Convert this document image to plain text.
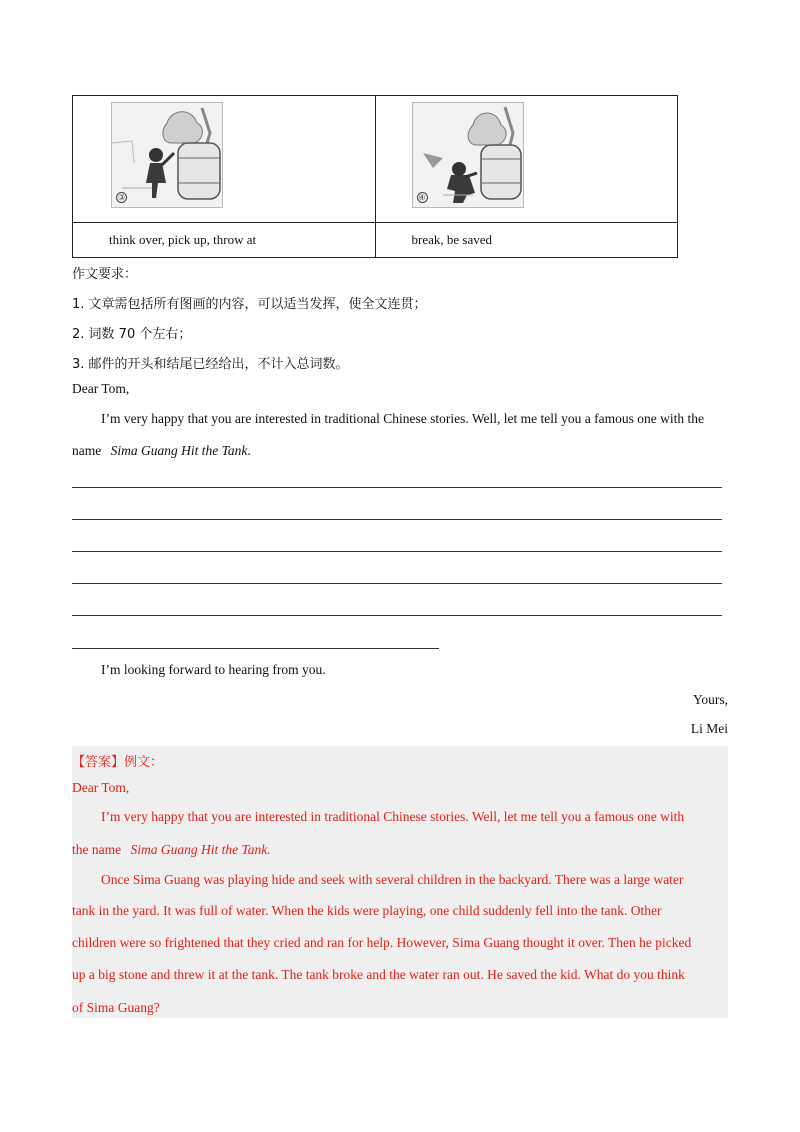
③	④

think over, pick up, throw at	break, be saved
作文要求：
1. 文章需包括所有图画的内容，可以适当发挥，使全文连贯；
2. 词数 70 个左右；
3. 邮件的开头和结尾已经给出，不计入总词数。
Dear Tom,
I’m very happy that you are interested in traditional Chinese stories. Well, let me tell you a famous one with the
name Sima Guang Hit the Tank.
I’m looking forward to hearing from you.
Yours,
Li Mei
【答案】例文：
Dear Tom,
I’m very happy that you are interested in traditional Chinese stories. Well, let me tell you a famous one with
the name Sima Guang Hit the Tank.
Once Sima Guang was playing hide and seek with several children in the backyard. There was a large water
tank in the yard. It was full of water. When the kids were playing, one child suddenly fell into the tank. Other
children were so frightened that they cried and ran for help. However, Sima Guang thought it over. Then he picked
up a big stone and threw it at the tank. The tank broke and the water ran out. He saved the kid. What do you think
of Sima Guang?
